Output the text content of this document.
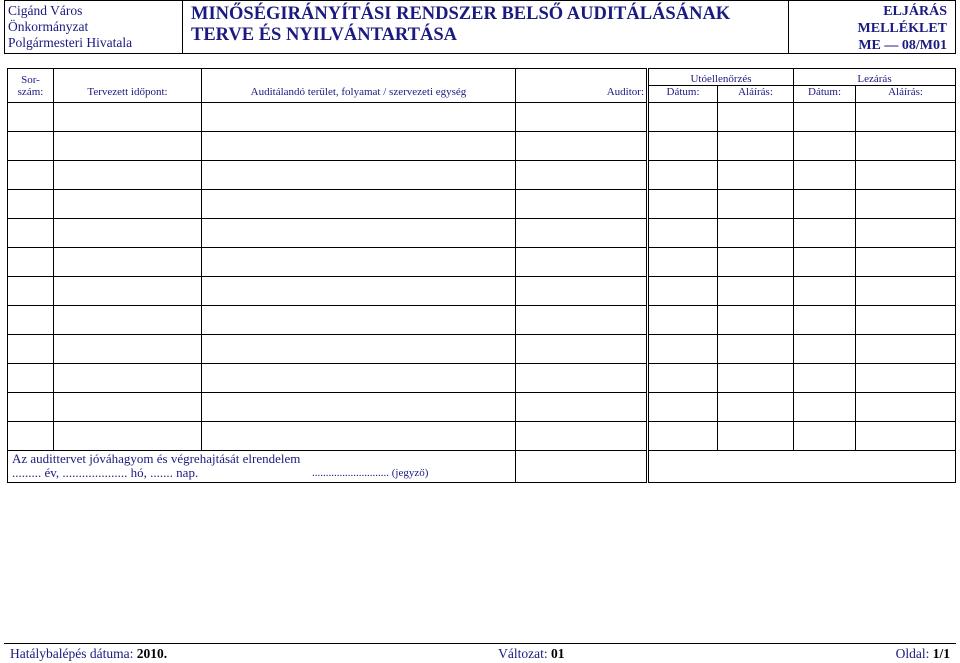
Cigánd Város
Önkormányzat
Polgármesteri Hivatala
MINŐSÉGIRÁNYÍTÁSI RENDSZER BELSŐ AUDITÁLÁSÁNAK
TERVE ÉS NYILVÁNTARTÁSA
ELJÁRÁS
MELLÉKLET
ME — 08/M01
Sor-				Utóellenőrzés		Lezárás	
szám:	Tervezett időpont:	Auditálandó terület, folyamat / szervezeti egység	Auditor:	Dátum:	Aláírás:	Dátum:	Aláírás:

Az audittervet jóváhagyom és végrehajtását elrendelem
......... év, .................... hó, ....... nap. ............................ (jegyző)							

Hatálybalépés dátuma: 2010.	Változat: 01	Oldal: 1/1
